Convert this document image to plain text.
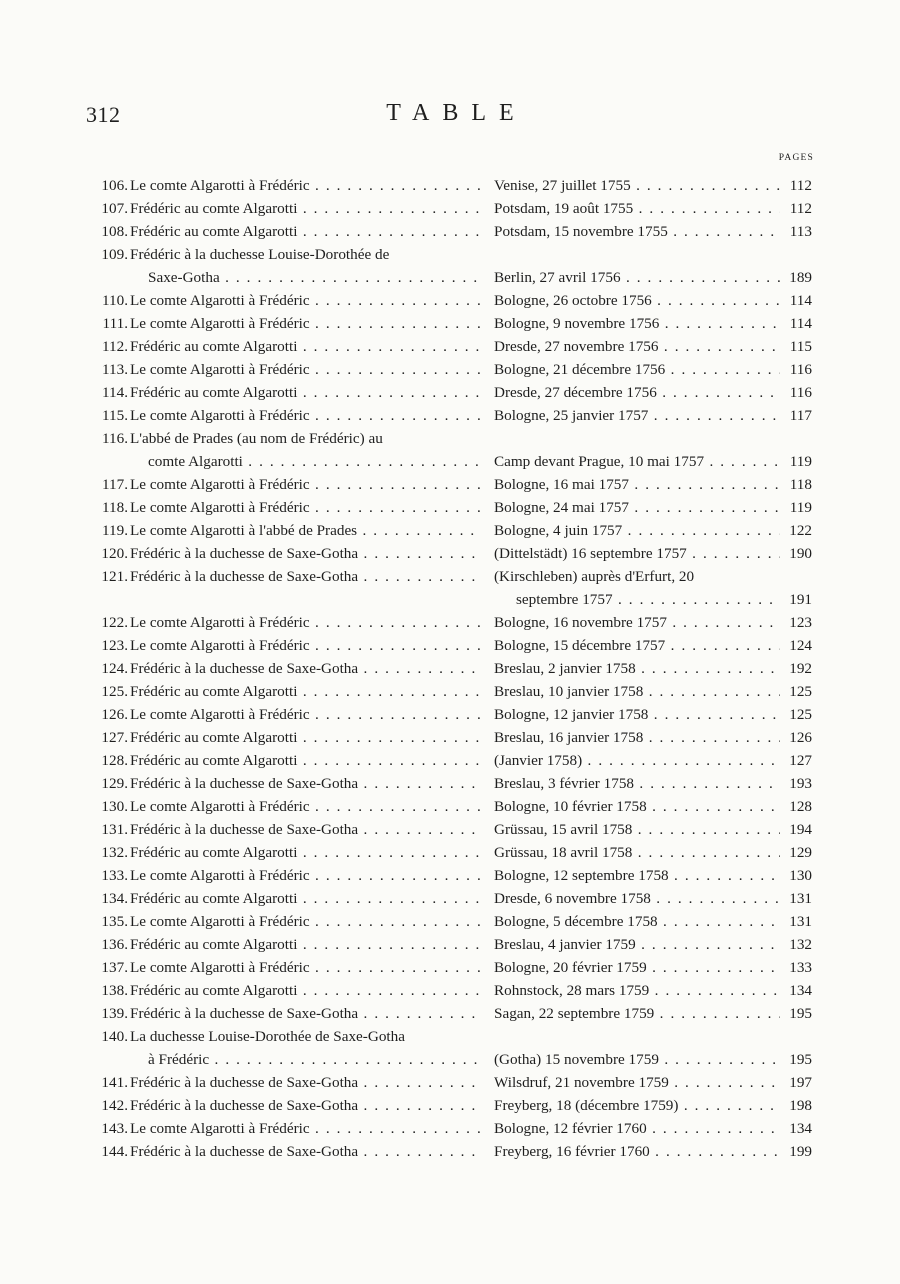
312	TABLE
PAGES
106. Le comte Algarotti à Frédéric . . .	Venise, 27 juillet 1755 . . .	112
107. Frédéric au comte Algarotti . . .	Potsdam, 19 août 1755 . . .	112
108. Frédéric au comte Algarotti . . .	Potsdam, 15 novembre 1755 . . .	113
109. Frédéric à la duchesse Louise-Dorothée de
Saxe-Gotha . . .	Berlin, 27 avril 1756 . . .	189
110. Le comte Algarotti à Frédéric . . .	Bologne, 26 octobre 1756 . . .	114
111. Le comte Algarotti à Frédéric . . .	Bologne, 9 novembre 1756 . . .	114
112. Frédéric au comte Algarotti . . .	Dresde, 27 novembre 1756 . . .	115
113. Le comte Algarotti à Frédéric . . .	Bologne, 21 décembre 1756 . . .	116
114. Frédéric au comte Algarotti . . .	Dresde, 27 décembre 1756 . . .	116
115. Le comte Algarotti à Frédéric . . .	Bologne, 25 janvier 1757 . . .	117
116. L'abbé de Prades (au nom de Frédéric) au
comte Algarotti . . .	Camp devant Prague, 10 mai 1757 . . .	119
117. Le comte Algarotti à Frédéric . . .	Bologne, 16 mai 1757 . . .	118
118. Le comte Algarotti à Frédéric . . .	Bologne, 24 mai 1757 . . .	119
119. Le comte Algarotti à l'abbé de Prades . . .	Bologne, 4 juin 1757 . . .	122
120. Frédéric à la duchesse de Saxe-Gotha . . .	(Dittelstädt) 16 septembre 1757 . . .	190
121. Frédéric à la duchesse de Saxe-Gotha . . .	(Kirschleben) auprès d'Erfurt, 20
septembre 1757 . . .	191
122. Le comte Algarotti à Frédéric . . .	Bologne, 16 novembre 1757 . . .	123
123. Le comte Algarotti à Frédéric . . .	Bologne, 15 décembre 1757 . . .	124
124. Frédéric à la duchesse de Saxe-Gotha . . .	Breslau, 2 janvier 1758 . . .	192
125. Frédéric au comte Algarotti . . .	Breslau, 10 janvier 1758 . . .	125
126. Le comte Algarotti à Frédéric . . .	Bologne, 12 janvier 1758 . . .	125
127. Frédéric au comte Algarotti . . .	Breslau, 16 janvier 1758 . . .	126
128. Frédéric au comte Algarotti . . .	(Janvier 1758) . . .	127
129. Frédéric à la duchesse de Saxe-Gotha . . .	Breslau, 3 février 1758 . . .	193
130. Le comte Algarotti à Frédéric . . .	Bologne, 10 février 1758 . . .	128
131. Frédéric à la duchesse de Saxe-Gotha . . .	Grüssau, 15 avril 1758 . . .	194
132. Frédéric au comte Algarotti . . .	Grüssau, 18 avril 1758 . . .	129
133. Le comte Algarotti à Frédéric . . .	Bologne, 12 septembre 1758 . . .	130
134. Frédéric au comte Algarotti . . .	Dresde, 6 novembre 1758 . . .	131
135. Le comte Algarotti à Frédéric . . .	Bologne, 5 décembre 1758 . . .	131
136. Frédéric au comte Algarotti . . .	Breslau, 4 janvier 1759 . . .	132
137. Le comte Algarotti à Frédéric . . .	Bologne, 20 février 1759 . . .	133
138. Frédéric au comte Algarotti . . .	Rohnstock, 28 mars 1759 . . .	134
139. Frédéric à la duchesse de Saxe-Gotha . . .	Sagan, 22 septembre 1759 . . .	195
140. La duchesse Louise-Dorothée de Saxe-Gotha
à Frédéric . . .	(Gotha) 15 novembre 1759 . . .	195
141. Frédéric à la duchesse de Saxe-Gotha . . .	Wilsdruf, 21 novembre 1759 . . .	197
142. Frédéric à la duchesse de Saxe-Gotha . . .	Freyberg, 18 (décembre 1759) . . .	198
143. Le comte Algarotti à Frédéric . . .	Bologne, 12 février 1760 . . .	134
144. Frédéric à la duchesse de Saxe-Gotha . . .	Freyberg, 16 février 1760 . . .	199
